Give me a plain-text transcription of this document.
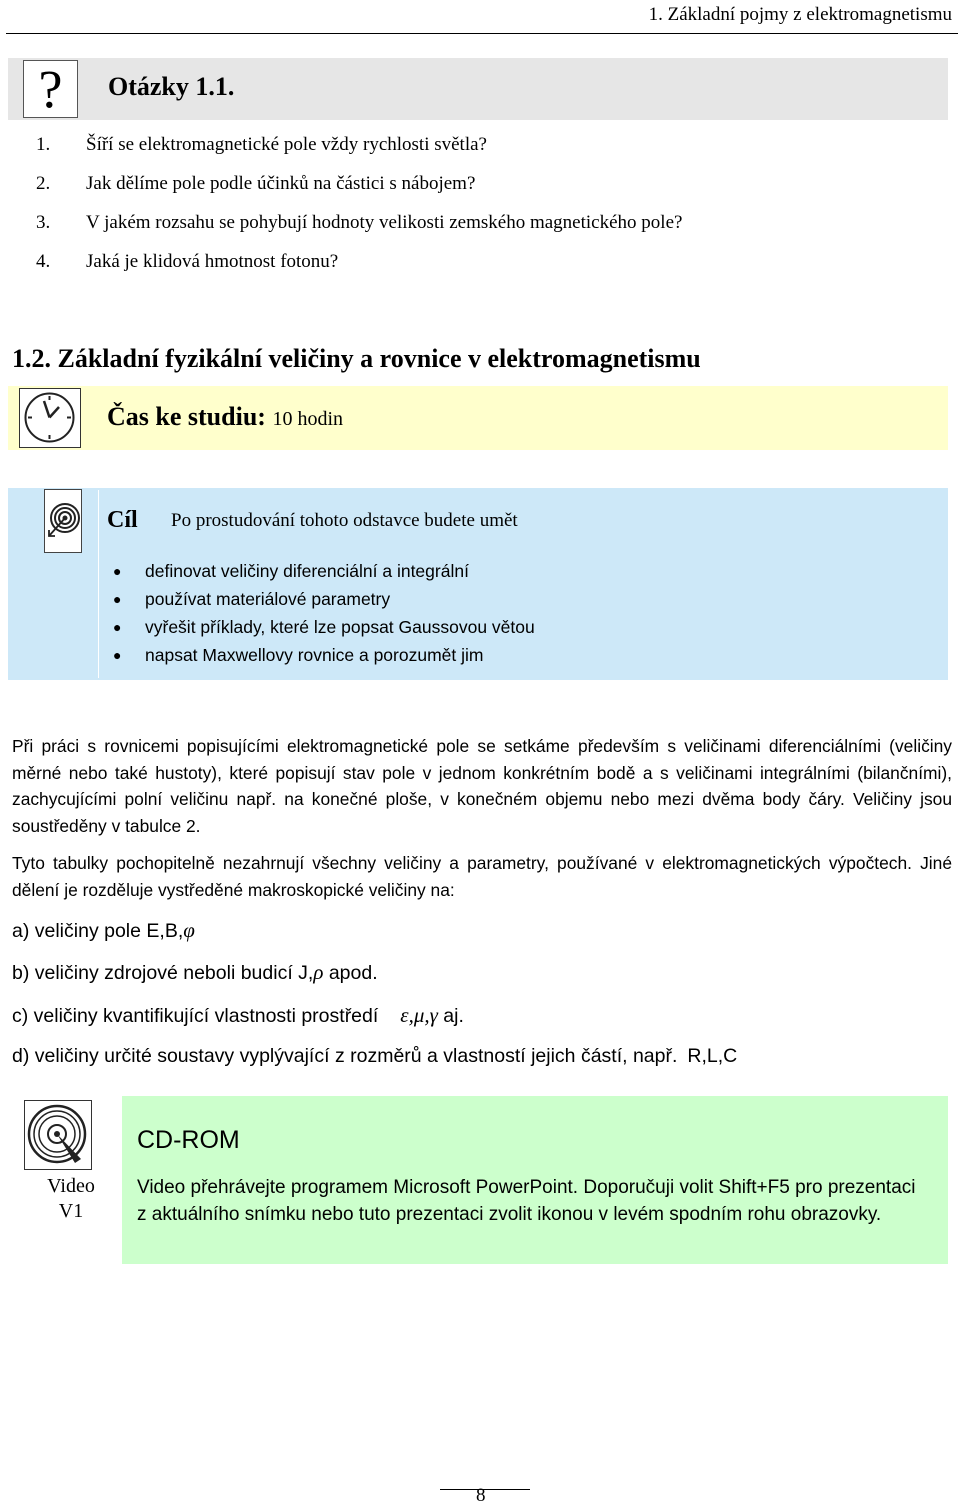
1. Základní pojmy z elektromagnetismu
?	Otázky 1.1.
1. Šíří se elektromagnetické pole vždy rychlosti světla?
2. Jak dělíme pole podle účinků na částici s nábojem?
3. V jakém rozsahu se pohybují hodnoty velikosti zemského magnetického pole?
4. Jaká je klidová hmotnost fotonu?
1.2. Základní fyzikální veličiny a rovnice v elektromagnetismu
Čas ke studiu: 10 hodin
Cíl Po prostudování tohoto odstavce budete umět
● definovat veličiny diferenciální a integrální
● používat materiálové parametry
● vyřešit příklady, které lze popsat Gaussovou větou
● napsat Maxwellovy rovnice a porozumět jim
Při práci s rovnicemi popisujícími elektromagnetické pole se setkáme především s veličinami diferenciálními (veličiny měrné nebo také hustoty), které popisují stav pole v jednom konkrétním bodě a s veličinami integrálními (bilančními), zachycujícími polní veličinu např. na konečné ploše, v konečném objemu nebo mezi dvěma body čáry. Veličiny jsou soustředěny v tabulce 2.
Tyto tabulky pochopitelně nezahrnují všechny veličiny a parametry, používané v elektromagnetických výpočtech. Jiné dělení je rozděluje vystředěné makroskopické veličiny na:
a) veličiny pole E,B,φ
b) veličiny zdrojové neboli budicí J,ρ apod.
c) veličiny kvantifikující vlastnosti prostředí ε,μ,γ aj.
d) veličiny určité soustavy vyplývající z rozměrů a vlastností jejich částí, např. R,L,C
Video
V1
CD-ROM
Video přehrávejte programem Microsoft PowerPoint. Doporučuji volit Shift+F5 pro prezentaci z aktuálního snímku nebo tuto prezentaci zvolit ikonou v levém spodním rohu obrazovky.
8
